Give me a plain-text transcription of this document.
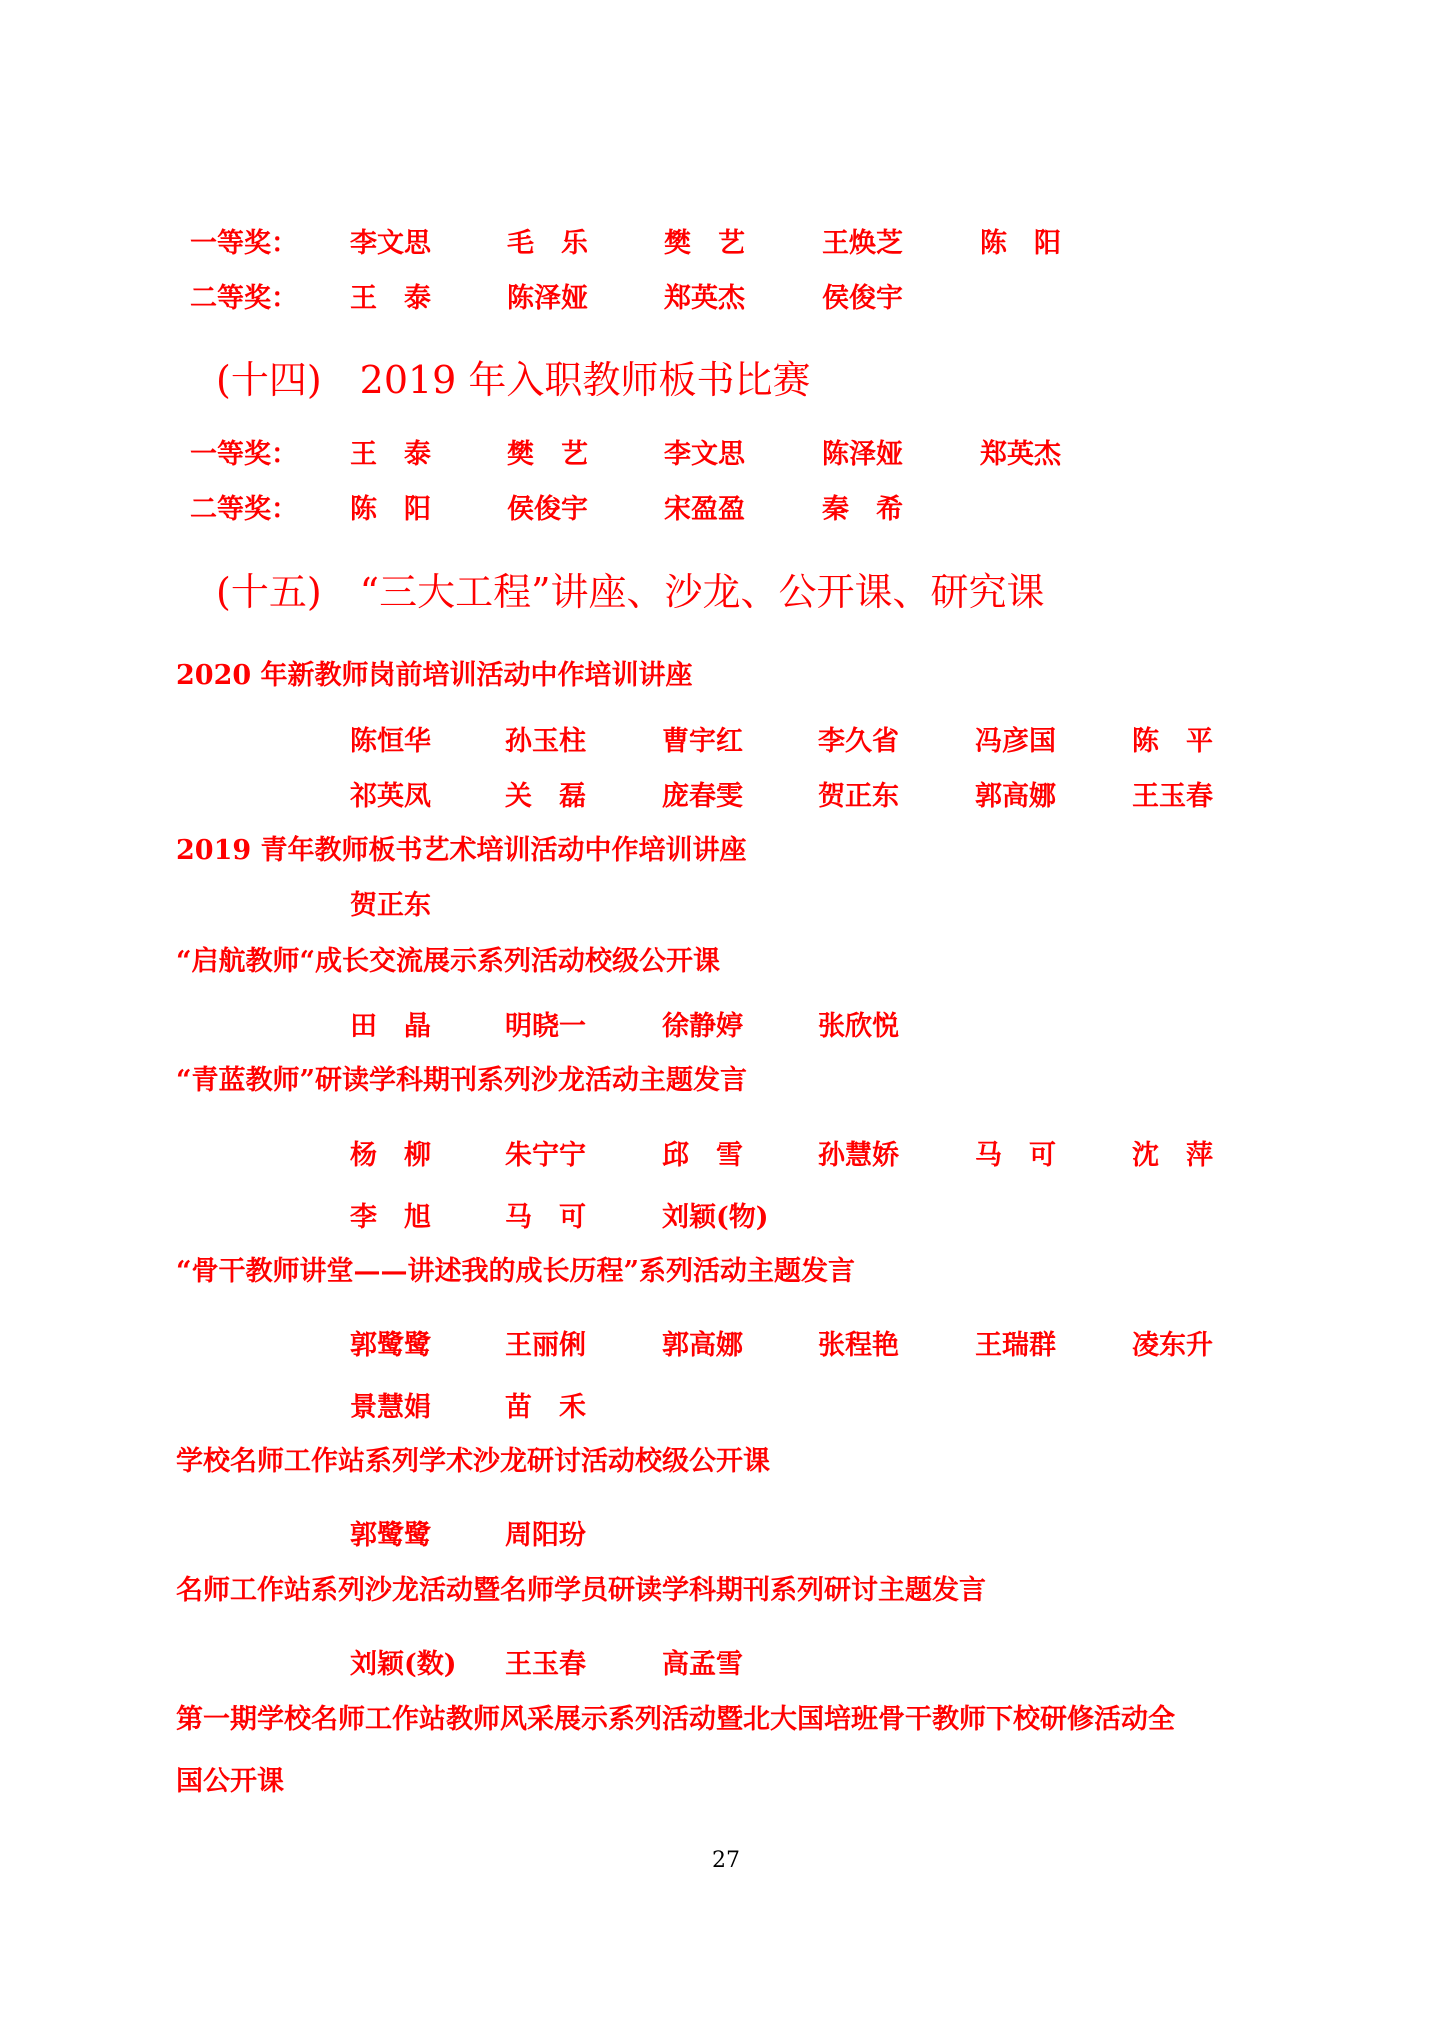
一等奖： 李文思	毛　乐	樊　艺	王焕芝	陈　阳
二等奖： 王　泰	陈泽娅	郑英杰	侯俊宇
(十四)　2019 年入职教师板书比赛
一等奖： 王　泰	樊　艺	李文思	陈泽娅	郑英杰
二等奖： 陈　阳	侯俊宇	宋盈盈	秦　希
(十五)　“三大工程”讲座、沙龙、公开课、研究课
2020 年新教师岗前培训活动中作培训讲座
陈恒华	孙玉柱	曹宇红	李久省	冯彦国	陈　平
祁英凤	关　磊	庞春雯	贺正东	郭高娜	王玉春
2019 青年教师板书艺术培训活动中作培训讲座
贺正东
“启航教师“成长交流展示系列活动校级公开课
田　晶	明晓一	徐静婷	张欣悦
“青蓝教师”研读学科期刊系列沙龙活动主题发言
杨　柳	朱宁宁	邱　雪	孙慧娇	马　可	沈　萍
李　旭	马　可	刘颖(物)
“骨干教师讲堂——讲述我的成长历程”系列活动主题发言
郭鹭鹭	王丽俐	郭高娜	张程艳	王瑞群	凌东升
景慧娟	苗　禾
学校名师工作站系列学术沙龙研讨活动校级公开课
郭鹭鹭	周阳玢
名师工作站系列沙龙活动暨名师学员研读学科期刊系列研讨主题发言
刘颖(数) 王玉春	高孟雪
第一期学校名师工作站教师风采展示系列活动暨北大国培班骨干教师下校研修活动全
国公开课
27
